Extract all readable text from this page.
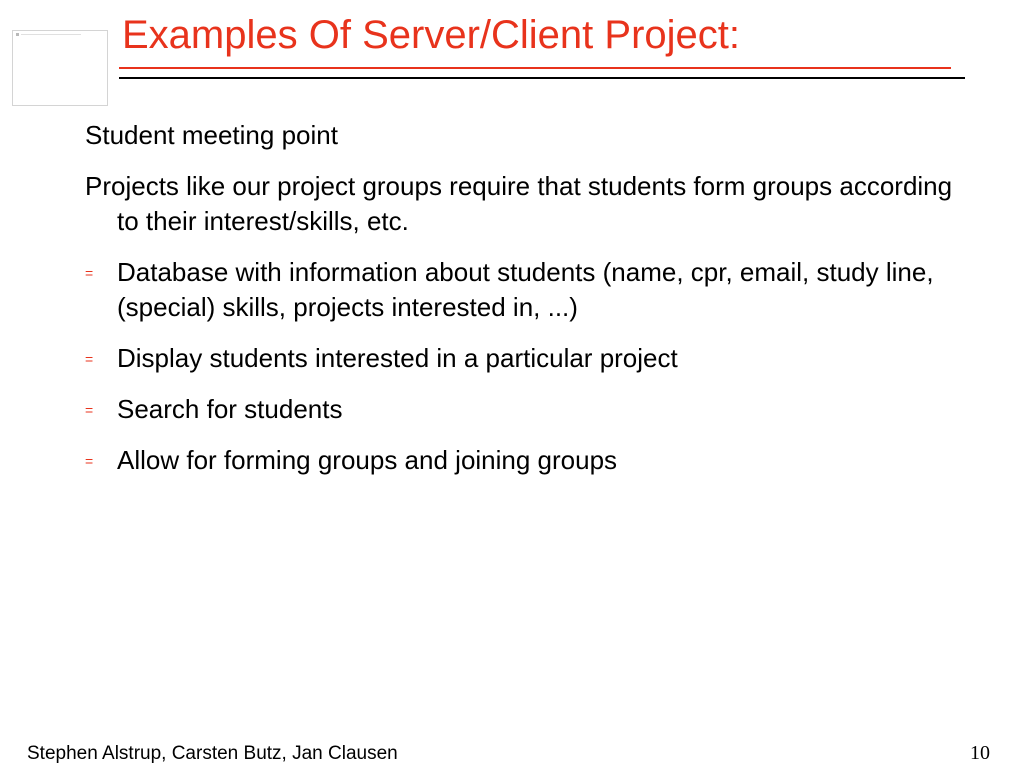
Examples Of Server/Client Project:

Student meeting point

Projects like our project groups require that students form groups according to their interest/skills, etc.

= Database with information about students (name, cpr, email, study line, (special) skills, projects interested in, ...)
= Display students interested in a particular project
= Search for students
= Allow for forming groups and joining groups
Stephen Alstrup, Carsten Butz, Jan Clausen	10
